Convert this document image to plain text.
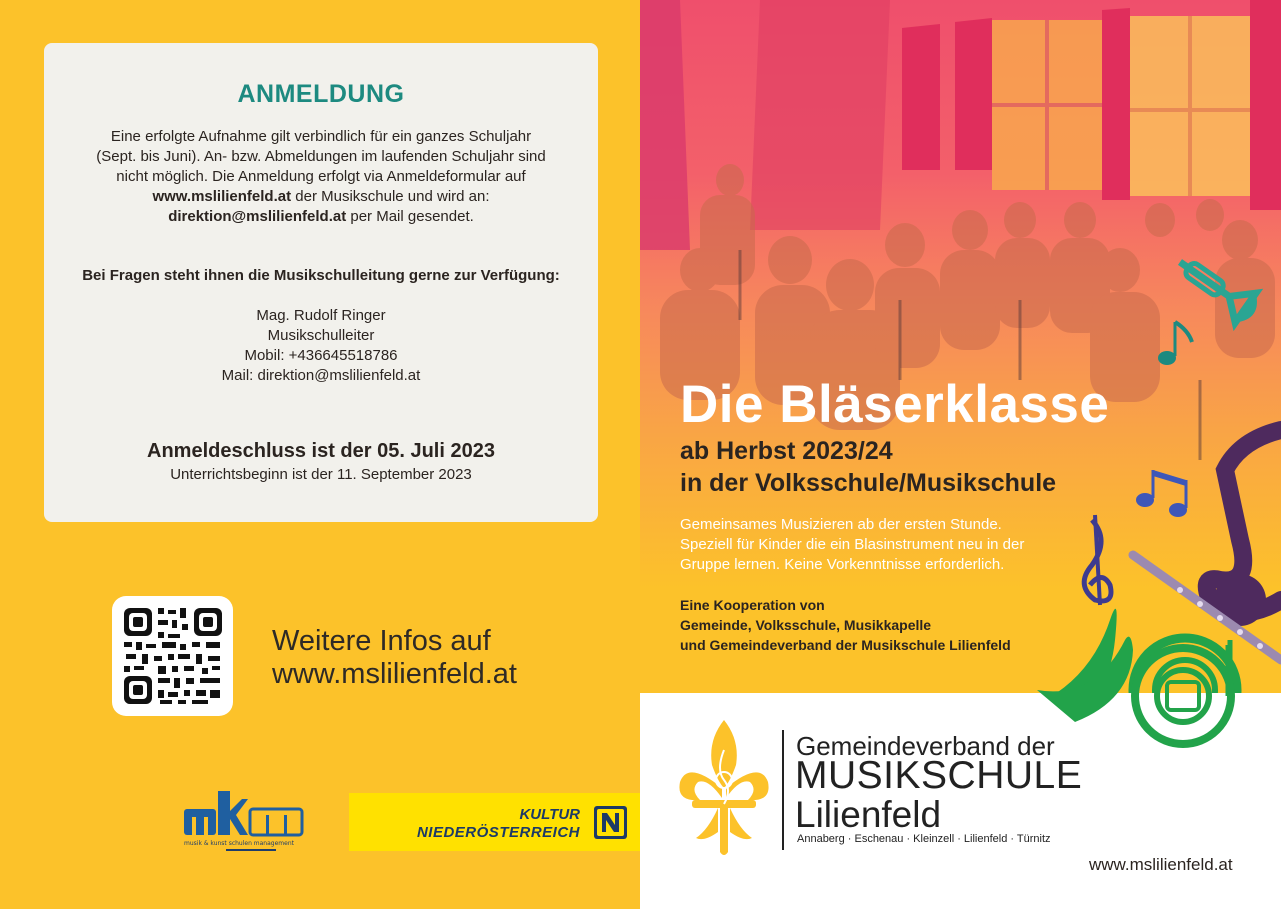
ANMELDUNG
Eine erfolgte Aufnahme gilt verbindlich für ein ganzes Schuljahr
(Sept. bis Juni). An- bzw. Abmeldungen im laufenden Schuljahr sind
nicht möglich. Die Anmeldung erfolgt via Anmeldeformular auf
www.mslilienfeld.at der Musikschule und wird an:
direktion@mslilienfeld.at per Mail gesendet.
Bei Fragen steht ihnen die Musikschulleitung gerne zur Verfügung:
Mag. Rudolf Ringer
Musikschulleiter
Mobil: +436645518786
Mail: direktion@mslilienfeld.at
Anmeldeschluss ist der 05. Juli 2023
Unterrichtsbeginn ist der 11. September 2023
Weitere Infos auf
www.mslilienfeld.at
musik & kunst schulen management
KULTUR
NIEDERÖSTERREICH
Die Bläserklasse
ab Herbst 2023/24
in der Volksschule/Musikschule
Gemeinsames Musizieren ab der ersten Stunde.
Speziell für Kinder die ein Blasinstrument neu in der
Gruppe lernen. Keine Vorkenntnisse erforderlich.
Eine Kooperation von
Gemeinde, Volksschule, Musikkapelle
und Gemeindeverband der Musikschule Lilienfeld
Gemeindeverband der
MUSIKSCHULE
Lilienfeld
Annaberg · Eschenau · Kleinzell · Lilienfeld · Türnitz
www.mslilienfeld.at
